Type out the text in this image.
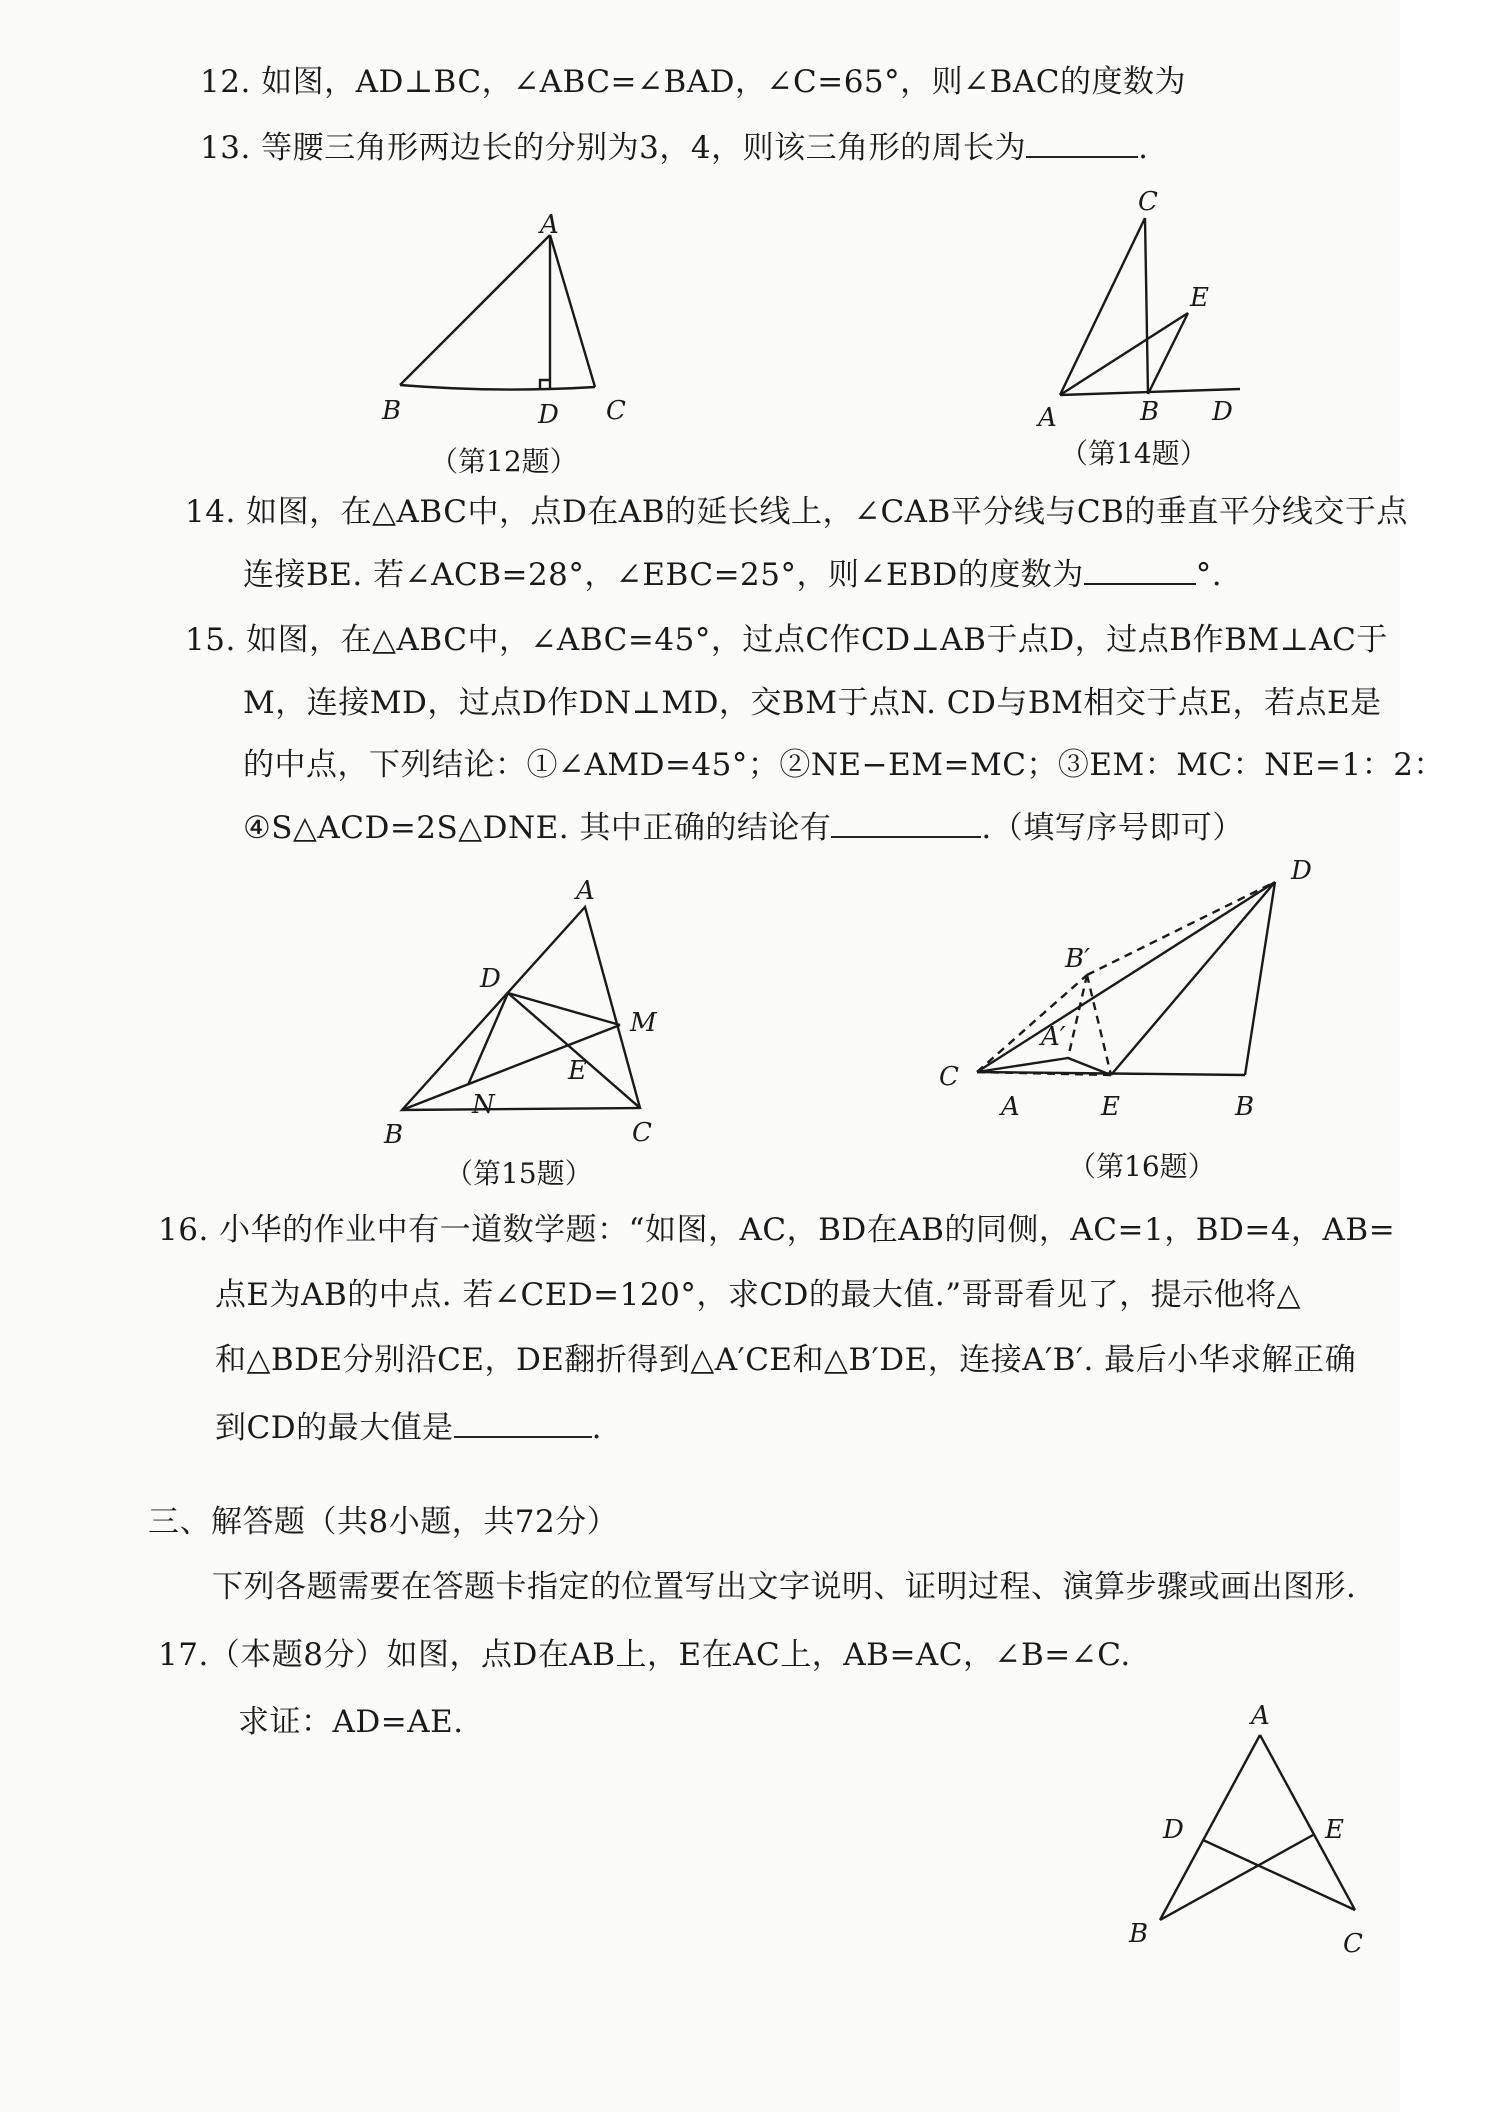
12. 如图，AD⊥BC，∠ABC=∠BAD，∠C=65°，则∠BAC的度数为
13. 等腰三角形两边长的分别为3，4，则该三角形的周长为	.
A
B	D C
（第12题）
C
E
A	B D
（第14题）
14. 如图，在△ABC中，点D在AB的延长线上，∠CAB平分线与CB的垂直平分线交于点
连接BE. 若∠ACB=28°，∠EBC=25°，则∠EBD的度数为	°.
15. 如图，在△ABC中，∠ABC=45°，过点C作CD⊥AB于点D，过点B作BM⊥AC于
M，连接MD，过点D作DN⊥MD，交BM于点N. CD与BM相交于点E，若点E是
的中点，下列结论：①∠AMD=45°；②NE−EM=MC；③EM：MC：NE=1：2：
④S△ACD=2S△DNE. 其中正确的结论有	.（填写序号即可）
A
D
M
E
N
B	C
（第15题）
D
B′
A′
C
A	E	B
（第16题）
16. 小华的作业中有一道数学题：“如图，AC，BD在AB的同侧，AC=1，BD=4，AB=
点E为AB的中点. 若∠CED=120°，求CD的最大值.”哥哥看见了，提示他将△
和△BDE分别沿CE，DE翻折得到△A′CE和△B′DE，连接A′B′. 最后小华求解正确
到CD的最大值是	.
三、解答题（共8小题，共72分）
下列各题需要在答题卡指定的位置写出文字说明、证明过程、演算步骤或画出图形.
17.（本题8分）如图，点D在AB上，E在AC上，AB=AC，∠B=∠C.
求证：AD=AE.	A
D	E
B	C
